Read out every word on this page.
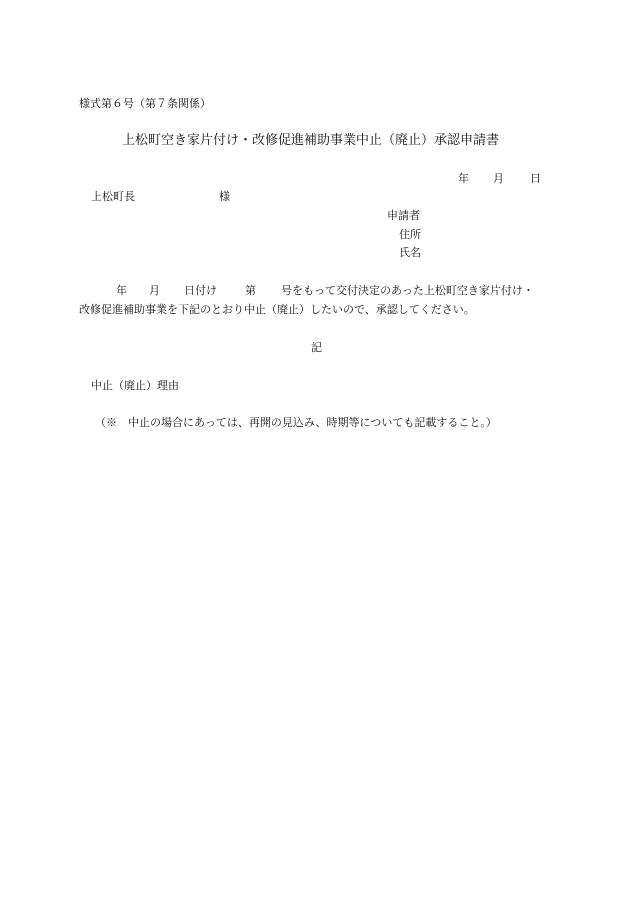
様式第６号（第７条関係）
上松町空き家片付け・改修促進補助事業中止（廃止）承認申請書
年 月 日
上松町長	様
申請者
住所
氏名
年 月 日付け	第 号をもって交付決定のあった上松町空き家片付け・
改修促進補助事業を下記のとおり中止（廃止）したいので、承認してください。
記
中止（廃止）理由
（※　中止の場合にあっては、再開の見込み、時期等についても記載すること。）
